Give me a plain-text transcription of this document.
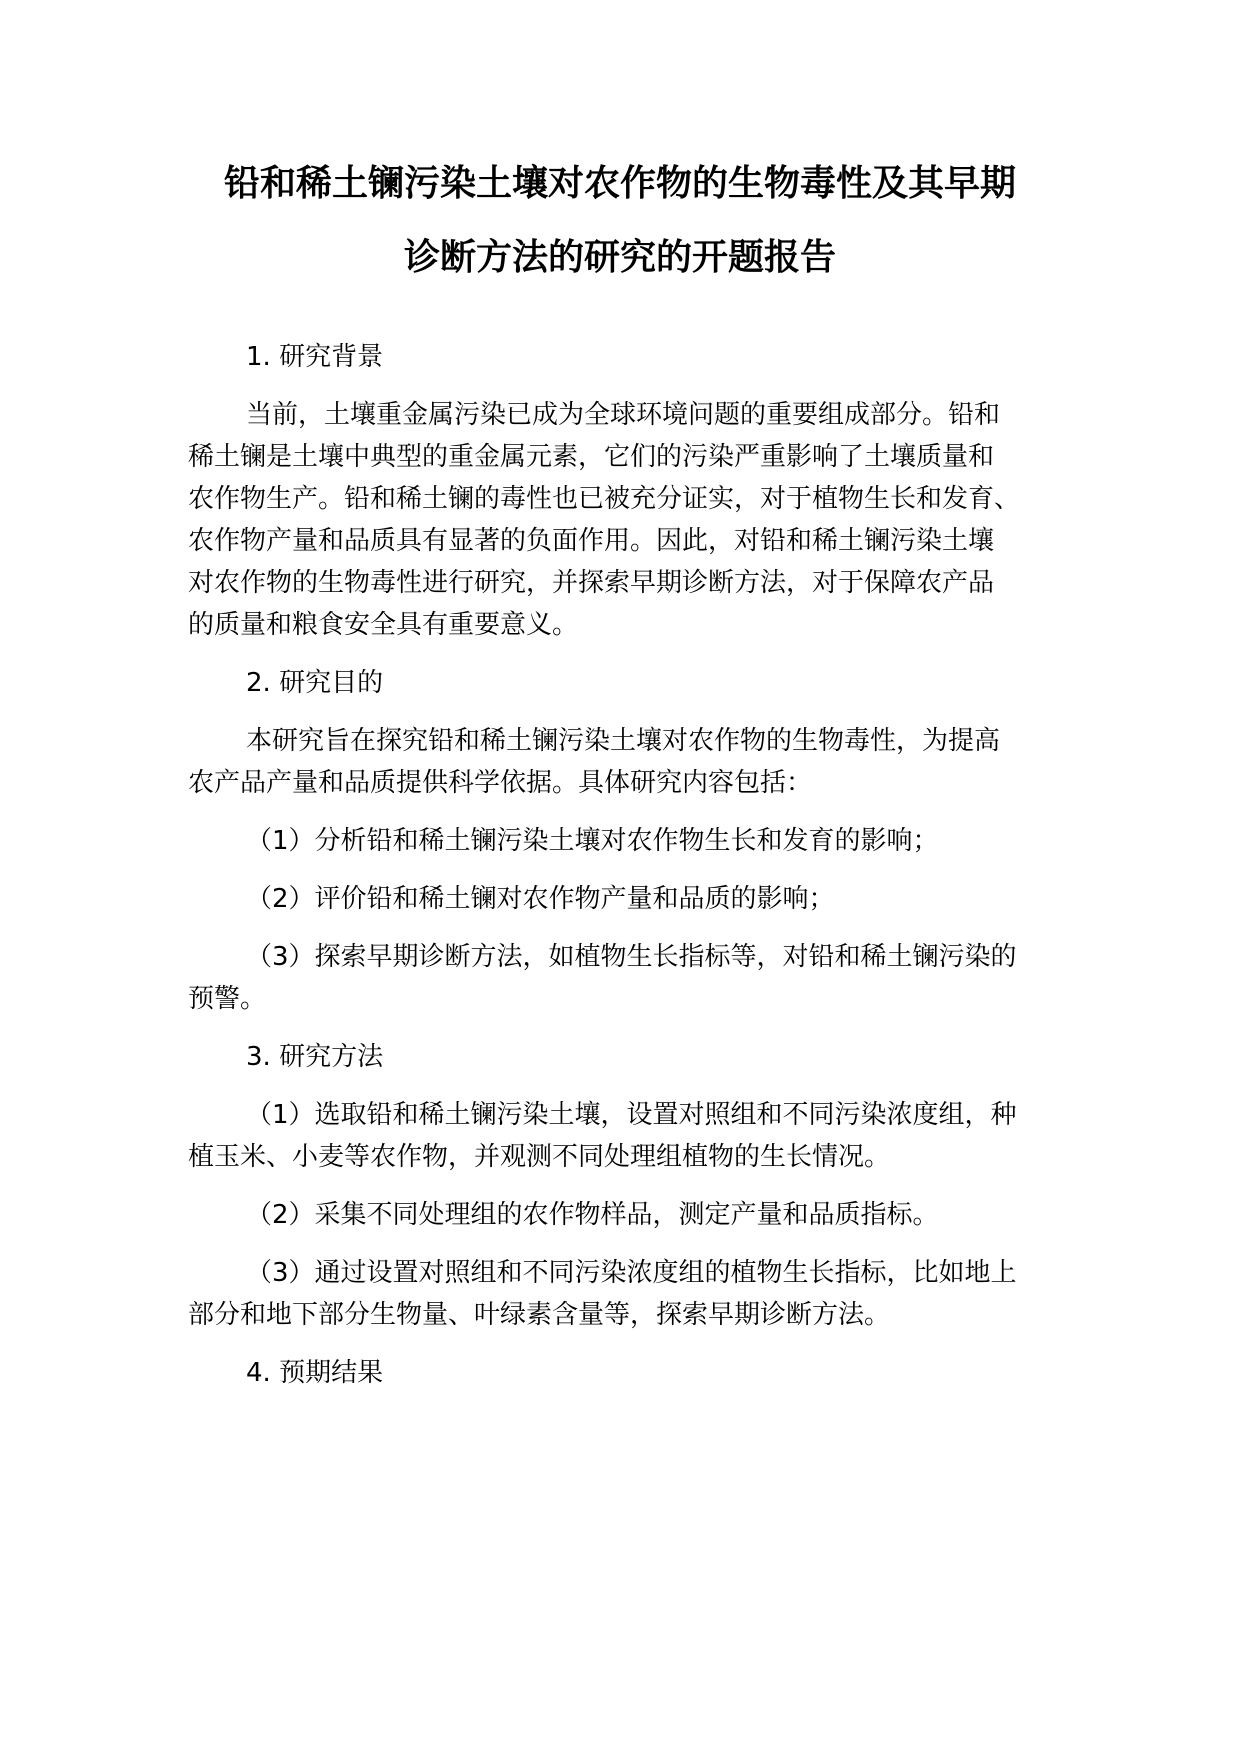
铅和稀土镧污染土壤对农作物的生物毒性及其早期
诊断方法的研究的开题报告
1. 研究背景
当前，土壤重金属污染已成为全球环境问题的重要组成部分。铅和
稀土镧是土壤中典型的重金属元素，它们的污染严重影响了土壤质量和
农作物生产。铅和稀土镧的毒性也已被充分证实，对于植物生长和发育、
农作物产量和品质具有显著的负面作用。因此，对铅和稀土镧污染土壤
对农作物的生物毒性进行研究，并探索早期诊断方法，对于保障农产品
的质量和粮食安全具有重要意义。
2. 研究目的
本研究旨在探究铅和稀土镧污染土壤对农作物的生物毒性，为提高
农产品产量和品质提供科学依据。具体研究内容包括：
（1）分析铅和稀土镧污染土壤对农作物生长和发育的影响；
（2）评价铅和稀土镧对农作物产量和品质的影响；
（3）探索早期诊断方法，如植物生长指标等，对铅和稀土镧污染的
预警。
3. 研究方法
（1）选取铅和稀土镧污染土壤，设置对照组和不同污染浓度组，种
植玉米、小麦等农作物，并观测不同处理组植物的生长情况。
（2）采集不同处理组的农作物样品，测定产量和品质指标。
（3）通过设置对照组和不同污染浓度组的植物生长指标，比如地上
部分和地下部分生物量、叶绿素含量等，探索早期诊断方法。
4. 预期结果
